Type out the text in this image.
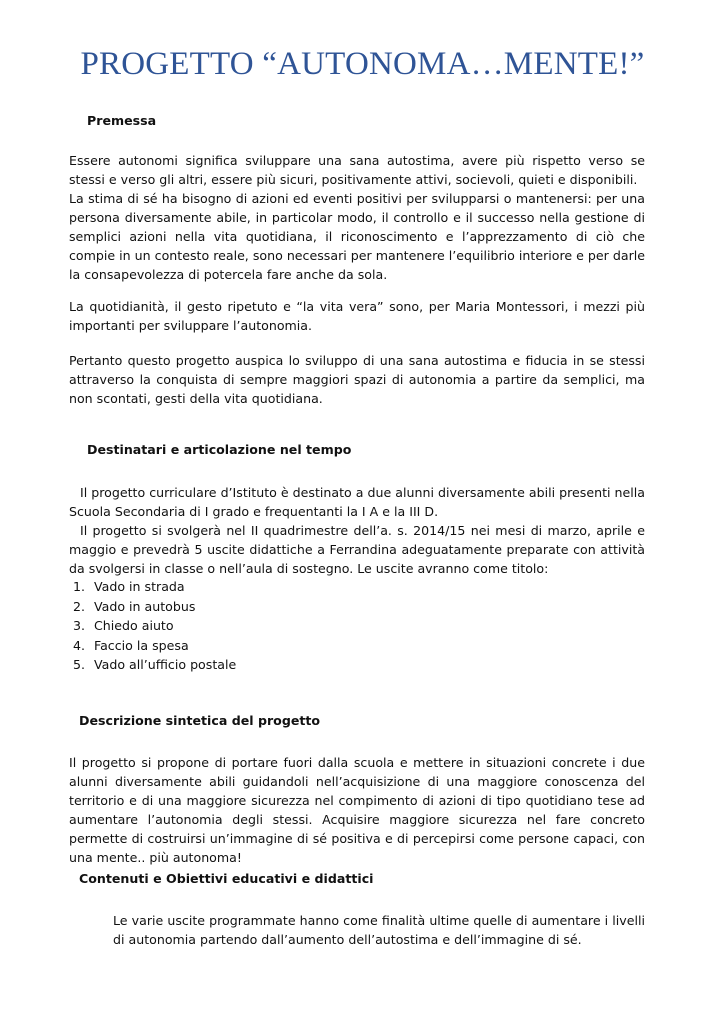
PROGETTO “AUTONOMA…MENTE!”
Premessa

Essere autonomi significa sviluppare una sana autostima, avere più rispetto verso se stessi e verso gli altri, essere più sicuri, positivamente attivi, socievoli, quieti e disponibili.

La stima di sé ha bisogno di azioni ed eventi positivi per svilupparsi o mantenersi: per una persona diversamente abile, in particolar modo, il controllo e il successo nella gestione di semplici azioni nella vita quotidiana, il riconoscimento e l’apprezzamento di ciò che compie in un contesto reale, sono necessari per mantenere l’equilibrio interiore e per darle la consapevolezza di potercela fare anche da sola.

La quotidianità, il gesto ripetuto e “la vita vera” sono, per Maria Montessori, i mezzi più importanti per sviluppare l’autonomia.

Pertanto questo progetto auspica lo sviluppo di una sana autostima e fiducia in se stessi attraverso la conquista di sempre maggiori spazi di autonomia a partire da semplici, ma non scontati, gesti della vita quotidiana.

Destinatari e articolazione nel tempo

Il progetto curriculare d’Istituto è destinato a due alunni diversamente abili presenti nella Scuola Secondaria di I grado e frequentanti la I A e la III D.

Il progetto si svolgerà nel II quadrimestre dell’a. s. 2014/15 nei mesi di marzo, aprile e maggio e prevedrà 5 uscite didattiche a Ferrandina adeguatamente preparate con attività da svolgersi in classe o nell’aula di sostegno. Le uscite avranno come titolo:

1. Vado in strada
2. Vado in autobus
3. Chiedo aiuto
4. Faccio la spesa
5. Vado all’ufficio postale
Descrizione sintetica del progetto

Il progetto si propone di portare fuori dalla scuola e mettere in situazioni concrete i due alunni diversamente abili guidandoli nell’acquisizione di una maggiore conoscenza del territorio e di una maggiore sicurezza nel compimento di azioni di tipo quotidiano tese ad aumentare l’autonomia degli stessi. Acquisire maggiore sicurezza nel fare concreto permette di costruirsi un’immagine di sé positiva e di percepirsi come persone capaci, con una mente.. più autonoma!

Contenuti e Obiettivi educativi e didattici

Le varie uscite programmate hanno come finalità ultime quelle di aumentare i livelli di autonomia partendo dall’aumento dell’autostima e dell’immagine di sé.
